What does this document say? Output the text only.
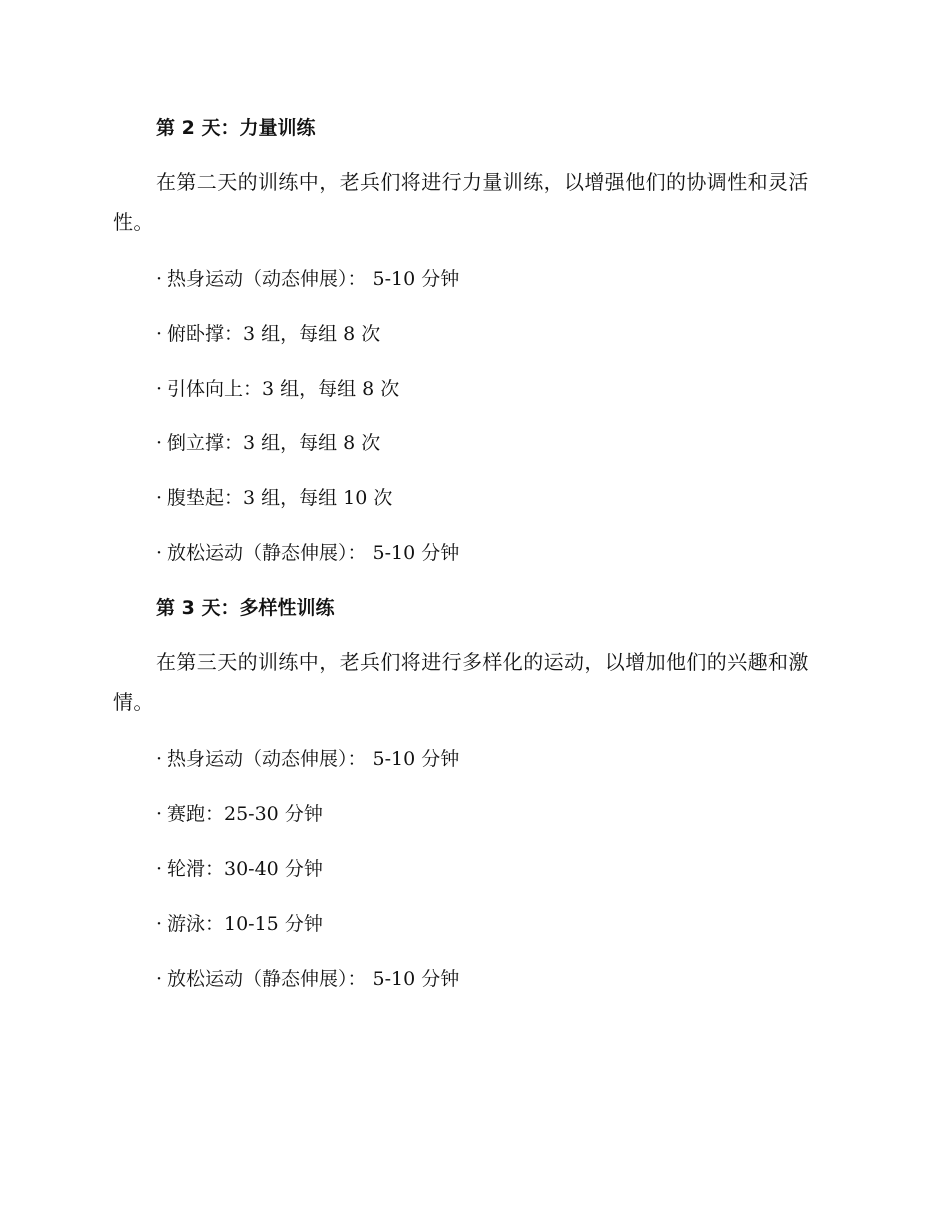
第 2 天：力量训练
在第二天的训练中，老兵们将进行力量训练，以增强他们的协调性和灵活性。
· 热身运动（动态伸展）： 5-10 分钟
· 俯卧撑：3 组，每组 8 次
· 引体向上：3 组，每组 8 次
· 倒立撑：3 组，每组 8 次
· 腹垫起：3 组，每组 10 次
· 放松运动（静态伸展）： 5-10 分钟
第 3 天：多样性训练
在第三天的训练中，老兵们将进行多样化的运动，以增加他们的兴趣和激情。
· 热身运动（动态伸展）： 5-10 分钟
· 赛跑：25-30 分钟
· 轮滑：30-40 分钟
· 游泳：10-15 分钟
· 放松运动（静态伸展）： 5-10 分钟
